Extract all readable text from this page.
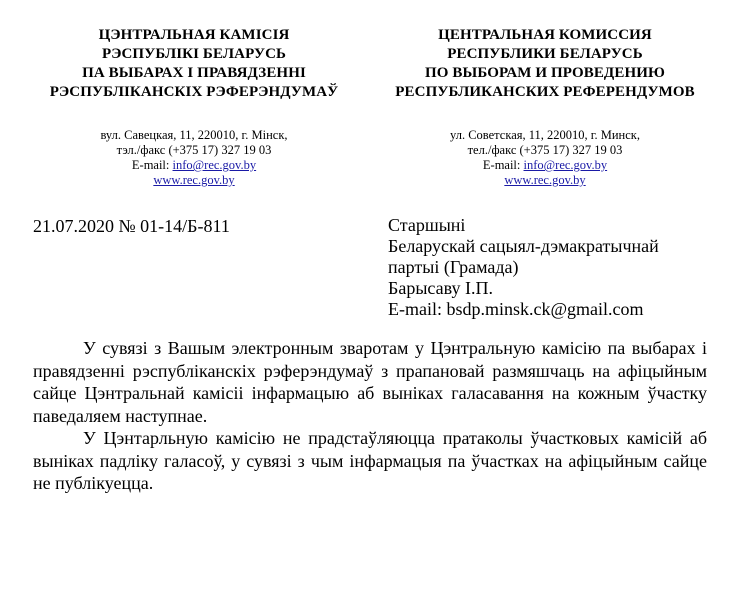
ЦЭНТРАЛЬНАЯ КАМІСІЯ
РЭСПУБЛІКІ БЕЛАРУСЬ
ПА ВЫБАРАХ І ПРАВЯДЗЕННІ
РЭСПУБЛІКАНСКІХ РЭФЕРЭНДУМАЎ
вул. Савецкая, 11, 220010, г. Мінск,
тэл./факс (+375 17) 327 19 03
E-mail: info@rec.gov.by
www.rec.gov.by
ЦЕНТРАЛЬНАЯ КОМИССИЯ
РЕСПУБЛИКИ БЕЛАРУСЬ
ПО ВЫБОРАМ И ПРОВЕДЕНИЮ
РЕСПУБЛИКАНСКИХ РЕФЕРЕНДУМОВ
ул. Советская, 11, 220010, г. Минск,
тел./факс (+375 17) 327 19 03
E-mail: info@rec.gov.by
www.rec.gov.by
21.07.2020 № 01-14/Б-811	Старшыні
Беларускай сацыял-дэмакратычнай
партыі (Грамада)
Барысаву І.П.
E-mail: bsdp.minsk.ck@gmail.com

У сувязі з Вашым электронным зваротам у Цэнтральную камісію па выбарах і правядзенні рэспубліканскіх рэферэндумаў з прапановай размяшчаць на афіцыйным сайце Цэнтральнай камісіі інфармацыю аб выніках галасавання на кожным ўчастку паведаляем наступнае.

У Цэнтарльную камісію не прадстаўляюцца пратаколы ўчастковых камісій аб выніках падліку галасоў, у сувязі з чым інфармацыя па ўчастках на афіцыйным сайце не публікуецца.
